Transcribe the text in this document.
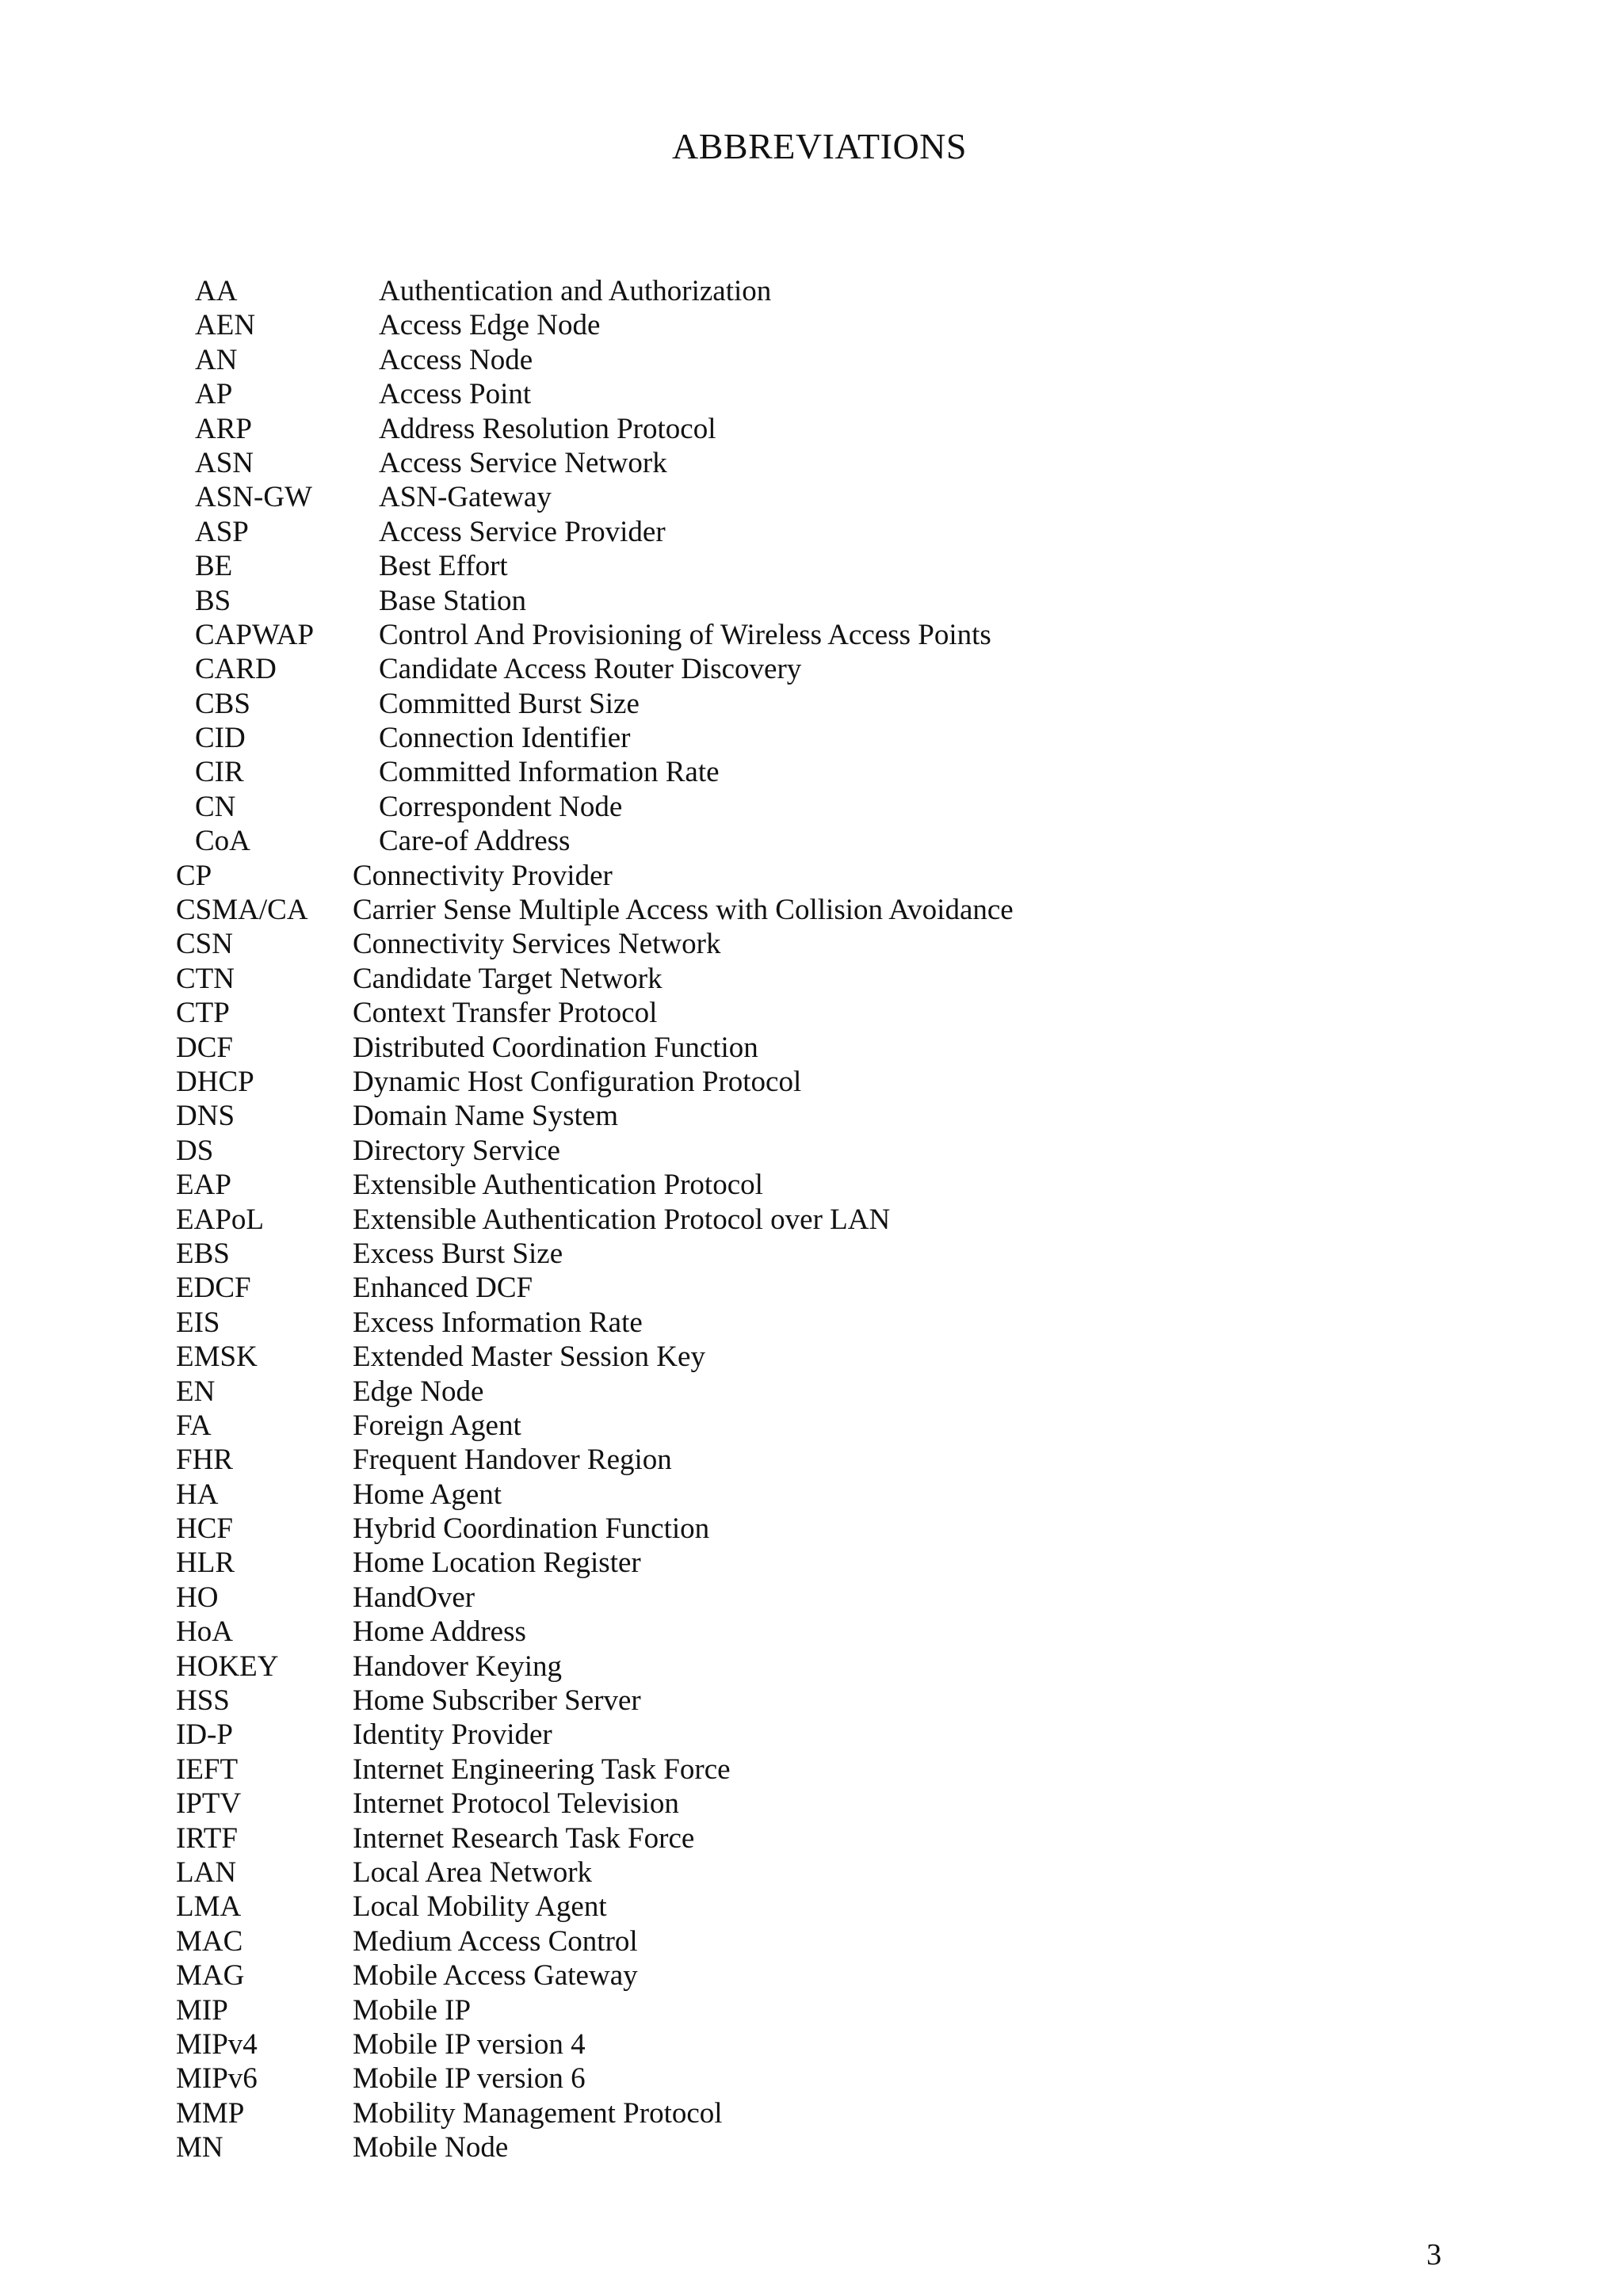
ABBREVIATIONS
AA	Authentication and Authorization
AEN	Access Edge Node
AN	Access Node
AP	Access Point
ARP	Address Resolution Protocol
ASN	Access Service Network
ASN-GW ASN-Gateway
ASP	Access Service Provider
BE	Best Effort
BS	Base Station
CAPWAP Control And Provisioning of Wireless Access Points
CARD	Candidate Access Router Discovery
CBS	Committed Burst Size
CID	Connection Identifier
CIR	Committed Information Rate
CN	Correspondent Node
CoA	Care-of Address
CP	Connectivity Provider
CSMA/CA Carrier Sense Multiple Access with Collision Avoidance
CSN	Connectivity Services Network
CTN	Candidate Target Network
CTP	Context Transfer Protocol
DCF	Distributed Coordination Function
DHCP	Dynamic Host Configuration Protocol
DNS	Domain Name System
DS	Directory Service
EAP	Extensible Authentication Protocol
EAPoL	Extensible Authentication Protocol over LAN
EBS	Excess Burst Size
EDCF	Enhanced DCF
EIS	Excess Information Rate
EMSK	Extended Master Session Key
EN	Edge Node
FA	Foreign Agent
FHR	Frequent Handover Region
HA	Home Agent
HCF	Hybrid Coordination Function
HLR	Home Location Register
HO	HandOver
HoA	Home Address
HOKEY	Handover Keying
HSS	Home Subscriber Server
ID-P	Identity Provider
IEFT	Internet Engineering Task Force
IPTV	Internet Protocol Television
IRTF	Internet Research Task Force
LAN	Local Area Network
LMA	Local Mobility Agent
MAC	Medium Access Control
MAG	Mobile Access Gateway
MIP	Mobile IP
MIPv4	Mobile IP version 4
MIPv6	Mobile IP version 6
MMP	Mobility Management Protocol
MN	Mobile Node
3
